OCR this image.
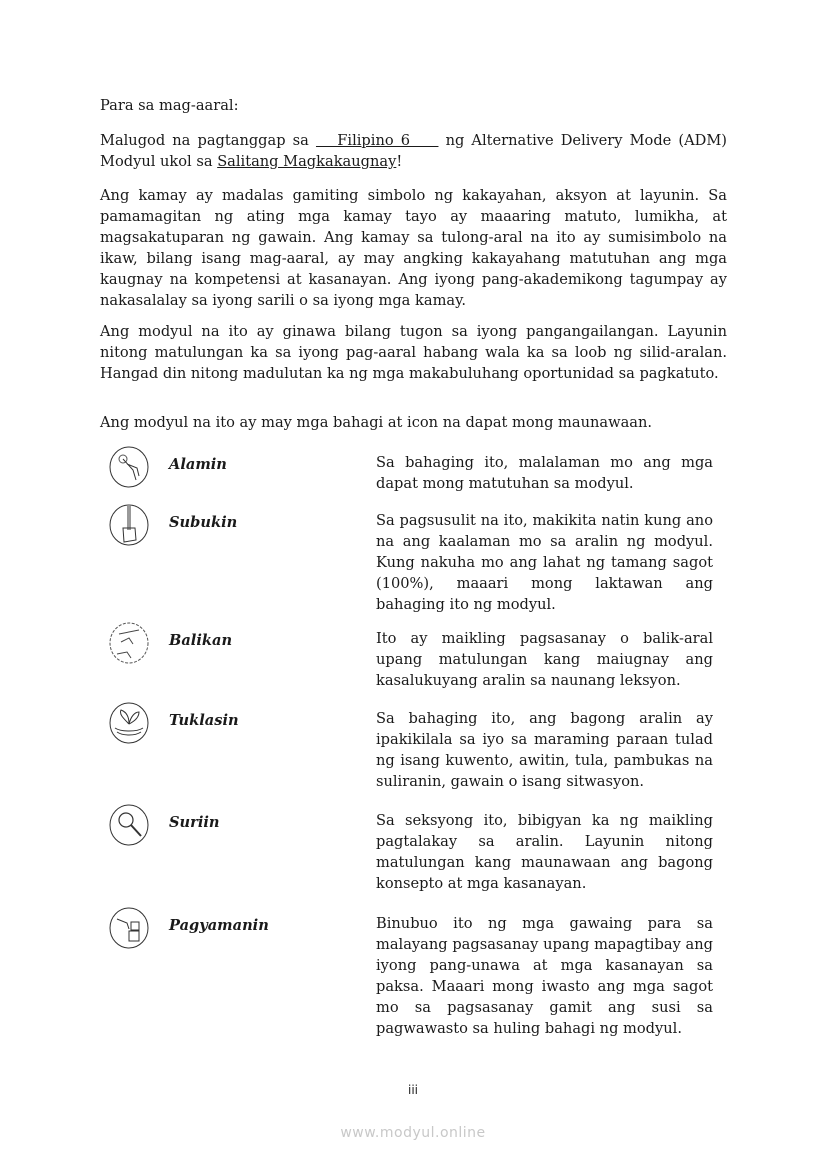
Para sa mag-aaral:

Malugod na pagtanggap sa    Filipino 6     ng Alternative Delivery Mode (ADM) Modyul ukol sa Salitang Magkakaugnay!

Ang kamay ay madalas gamiting simbolo ng kakayahan, aksyon at layunin. Sa pamamagitan ng ating mga kamay tayo ay maaaring matuto, lumikha, at magsakatuparan ng gawain. Ang kamay sa tulong-aral na ito ay sumisimbolo na ikaw, bilang isang mag-aaral, ay may angking kakayahang matutuhan ang mga kaugnay na kompetensi at kasanayan. Ang iyong pang-akademikong tagumpay ay nakasalalay sa iyong sarili o sa iyong mga kamay.

Ang modyul na ito ay ginawa bilang tugon sa iyong pangangailangan. Layunin nitong matulungan ka sa iyong pag-aaral habang wala ka sa loob ng silid-aralan. Hangad din nitong madulutan ka ng mga makabuluhang oportunidad sa pagkatuto.

Ang modyul na ito ay may mga bahagi at icon na dapat mong maunawaan.

Alamin	Sa bahaging ito, malalaman mo ang mga dapat mong matutuhan sa modyul.

Subukin	Sa pagsusulit na ito, makikita natin kung ano na ang kaalaman mo sa aralin ng modyul. Kung nakuha mo ang lahat ng tamang sagot (100%), maaari mong laktawan ang bahaging ito ng modyul.

Balikan	Ito ay maikling pagsasanay o balik-aral upang matulungan kang maiugnay ang kasalukuyang aralin sa naunang leksyon.

Tuklasin	Sa bahaging ito, ang bagong aralin ay ipakikilala sa iyo sa maraming paraan tulad ng isang kuwento, awitin, tula, pambukas na suliranin, gawain o isang sitwasyon.

Suriin	Sa seksyong ito, bibigyan ka ng maikling pagtalakay sa aralin. Layunin nitong matulungan kang maunawaan ang bagong konsepto at mga kasanayan.

Pagyamanin	Binubuo ito ng mga gawaing para sa malayang pagsasanay upang mapagtibay ang iyong pang-unawa at mga kasanayan sa paksa. Maaari mong iwasto ang mga sagot mo sa pagsasanay gamit ang susi sa pagwawasto sa huling bahagi ng modyul.

iii
www.modyul.online
